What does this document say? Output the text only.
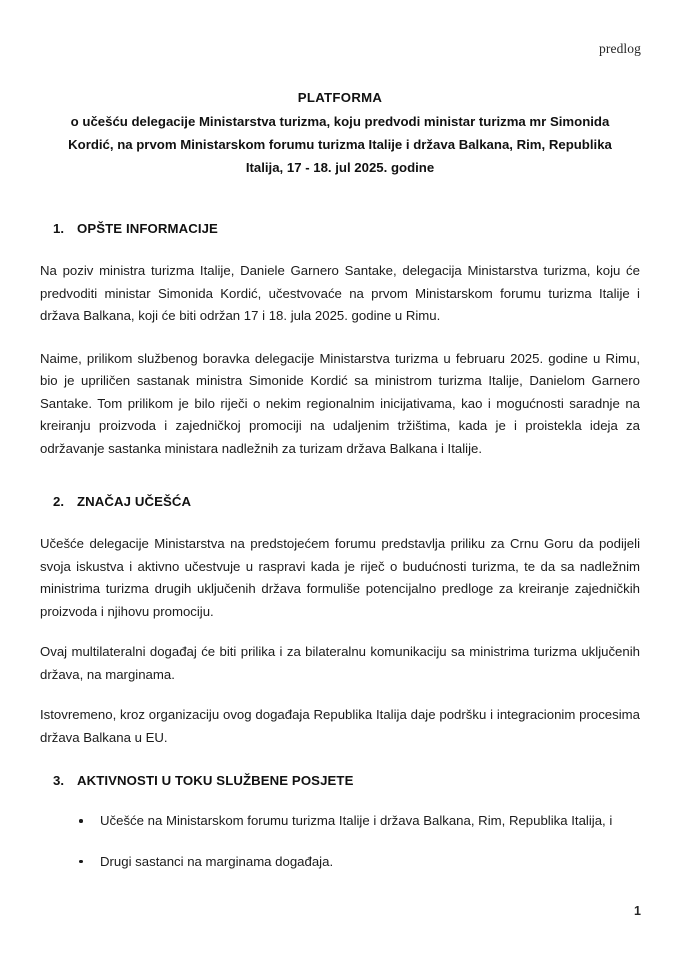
predlog
PLATFORMA
o učešću delegacije Ministarstva turizma, koju predvodi ministar turizma mr Simonida Kordić, na prvom Ministarskom forumu turizma Italije i država Balkana, Rim, Republika Italija, 17 - 18. jul 2025. godine
1. OPŠTE INFORMACIJE

Na poziv ministra turizma Italije, Daniele Garnero Santake, delegacija Ministarstva turizma, koju će predvoditi ministar Simonida Kordić, učestvovaće na prvom Ministarskom forumu turizma Italije i država Balkana, koji će biti održan 17 i 18. jula 2025. godine u Rimu.

Naime, prilikom službenog boravka delegacije Ministarstva turizma u februaru 2025. godine u Rimu, bio je upriličen sastanak ministra Simonide Kordić sa ministrom turizma Italije, Danielom Garnero Santake. Tom prilikom je bilo riječi o nekim regionalnim inicijativama, kao i mogućnosti saradnje na kreiranju proizvoda i zajedničkoj promociji na udaljenim tržištima, kada je i proistekla ideja za održavanje sastanka ministara nadležnih za turizam država Balkana i Italije.

2. ZNAČAJ UČEŠĆA

Učešće delegacije Ministarstva na predstojećem forumu predstavlja priliku za Crnu Goru da podijeli svoja iskustva i aktivno učestvuje u raspravi kada je riječ o budućnosti turizma, te da sa nadležnim ministrima turizma drugih uključenih država formuliše potencijalno predloge za kreiranje zajedničkih proizvoda i njihovu promociju.

Ovaj multilateralni događaj će biti prilika i za bilateralnu komunikaciju sa ministrima turizma uključenih država, na marginama.

Istovremeno, kroz organizaciju ovog događaja Republika Italija daje podršku i integracionim procesima država Balkana u EU.

3. AKTIVNOSTI U TOKU SLUŽBENE POSJETE
Učešće na Ministarskom forumu turizma Italije i država Balkana, Rim, Republika Italija, i
Drugi sastanci na marginama događaja.
1
